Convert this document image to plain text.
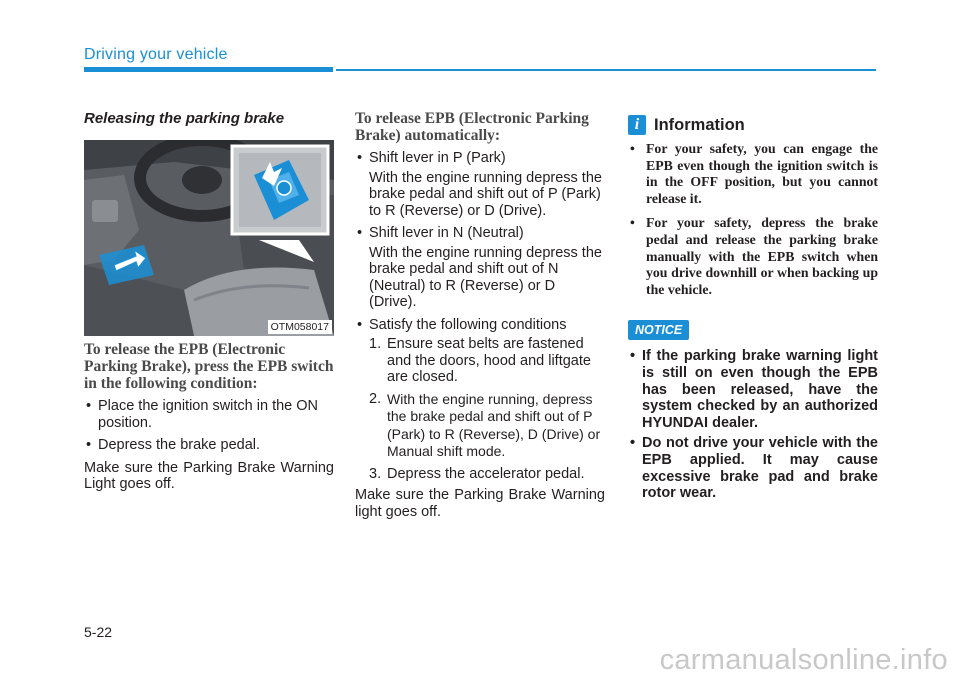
Driving your vehicle
Releasing the parking brake
OTM058017
To release the EPB (Electronic Parking Brake), press the EPB switch in the following condition:
• Place the ignition switch in the ON position.
• Depress the brake pedal.
Make sure the Parking Brake Warning Light goes off.
To release EPB (Electronic Parking Brake) automatically:
• Shift lever in P (Park)
With the engine running depress the brake pedal and shift out of P (Park) to R (Reverse) or D (Drive).
• Shift lever in N (Neutral)
With the engine running depress the brake pedal and shift out of N (Neutral) to R (Reverse) or D (Drive).
• Satisfy the following conditions
1. Ensure seat belts are fastened and the doors, hood and liftgate are closed.
2. With the engine running, depress the brake pedal and shift out of P (Park) to R (Reverse), D (Drive) or Manual shift mode.
3. Depress the accelerator pedal.
Make sure the Parking Brake Warning light goes off.
i Information
• For your safety, you can engage the EPB even though the ignition switch is in the OFF position, but you cannot release it.
• For your safety, depress the brake pedal and release the parking brake manually with the EPB switch when you drive downhill or when backing up the vehicle.
NOTICE
• If the parking brake warning light is still on even though the EPB has been released, have the system checked by an authorized HYUNDAI dealer.
• Do not drive your vehicle with the EPB applied. It may cause excessive brake pad and brake rotor wear.
5-22
carmanualsonline.info
